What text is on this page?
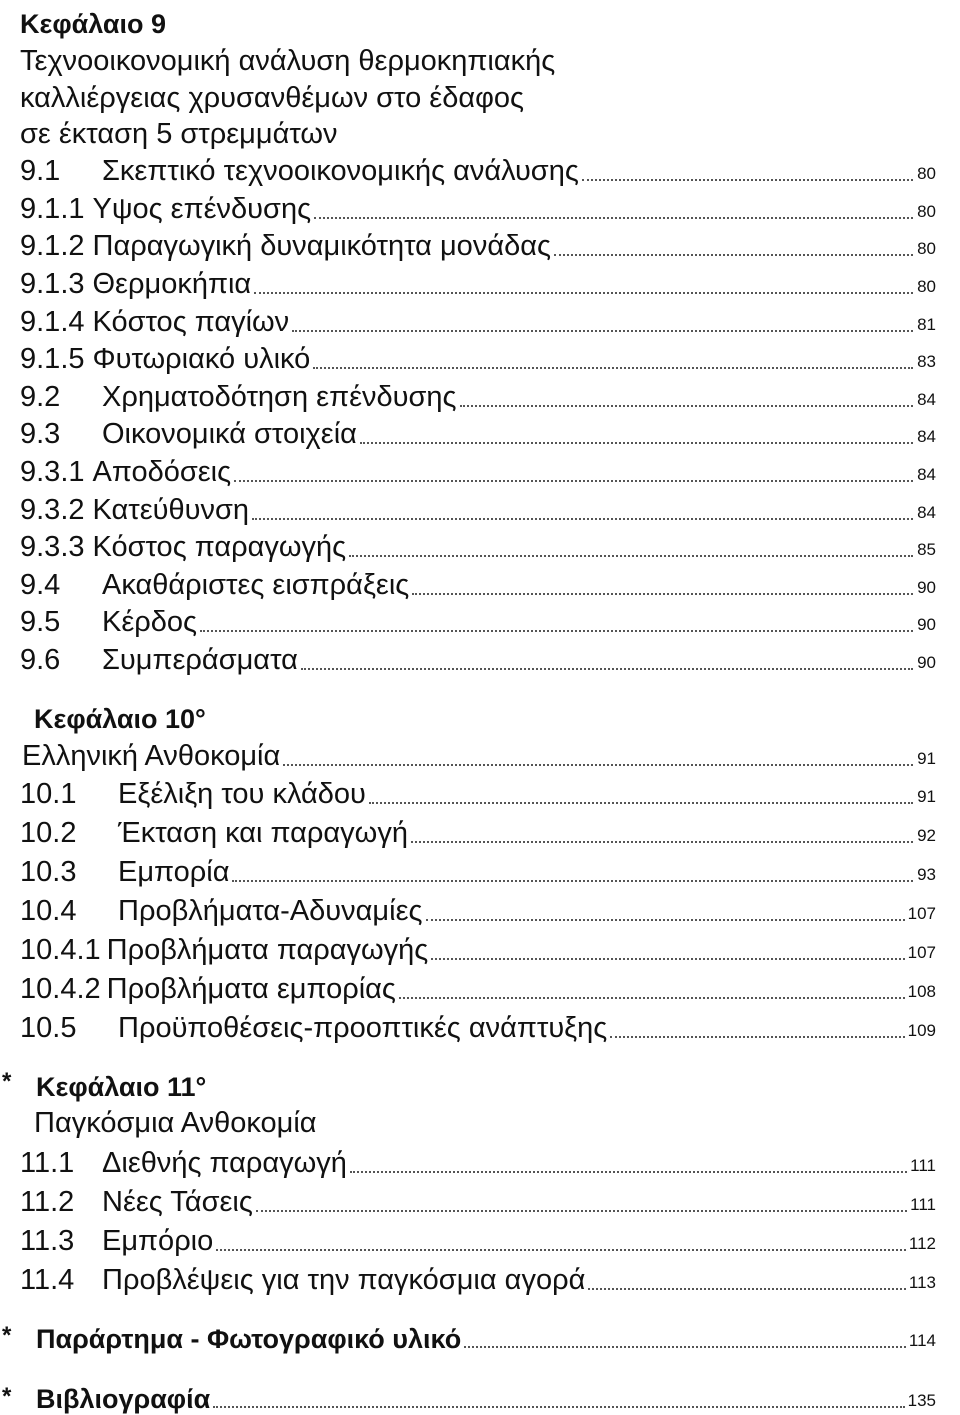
Κεφάλαιο 9
Τεχνοοικονομική ανάλυση θερμοκηπιακής
καλλιέργειας χρυσανθέμων στο έδαφος
σε έκταση 5 στρεμμάτων
9.1	Σκεπτικό τεχνοοικονομικής ανάλυσης	80
9.1.1 Υψος επένδυσης	80
9.1.2 Παραγωγική δυναμικότητα μονάδας	80
9.1.3 Θερμοκήπια	80
9.1.4 Κόστος παγίων	81
9.1.5 Φυτωριακό υλικό	83
9.2	Χρηματοδότηση επένδυσης	84
9.3	Οικονομικά στοιχεία	84
9.3.1 Αποδόσεις	84
9.3.2 Κατεύθυνση	84
9.3.3 Κόστος παραγωγής	85
9.4	Ακαθάριστες εισπράξεις	90
9.5	Κέρδος	90
9.6	Συμπεράσματα	90
Κεφάλαιο 10°
Ελληνική Ανθοκομία	91
10.1	Εξέλιξη του κλάδου	91
10.2	Έκταση και παραγωγή	92
10.3	Εμπορία	93
10.4	Προβλήματα-Αδυναμίες	107
10.4.1 Προβλήματα παραγωγής	107
10.4.2 Προβλήματα εμπορίας	108
10.5	Προϋποθέσεις-προοπτικές ανάπτυξης	109
* Κεφάλαιο 11°
Παγκόσμια Ανθοκομία
11.1 Διεθνής παραγωγή	111
11.2 Νέες Τάσεις	111
11.3 Εμπόριο	112
11.4 Προβλέψεις για την παγκόσμια αγορά	113
* Παράρτημα - Φωτογραφικό υλικό	114
* Βιβλιογραφία	135
